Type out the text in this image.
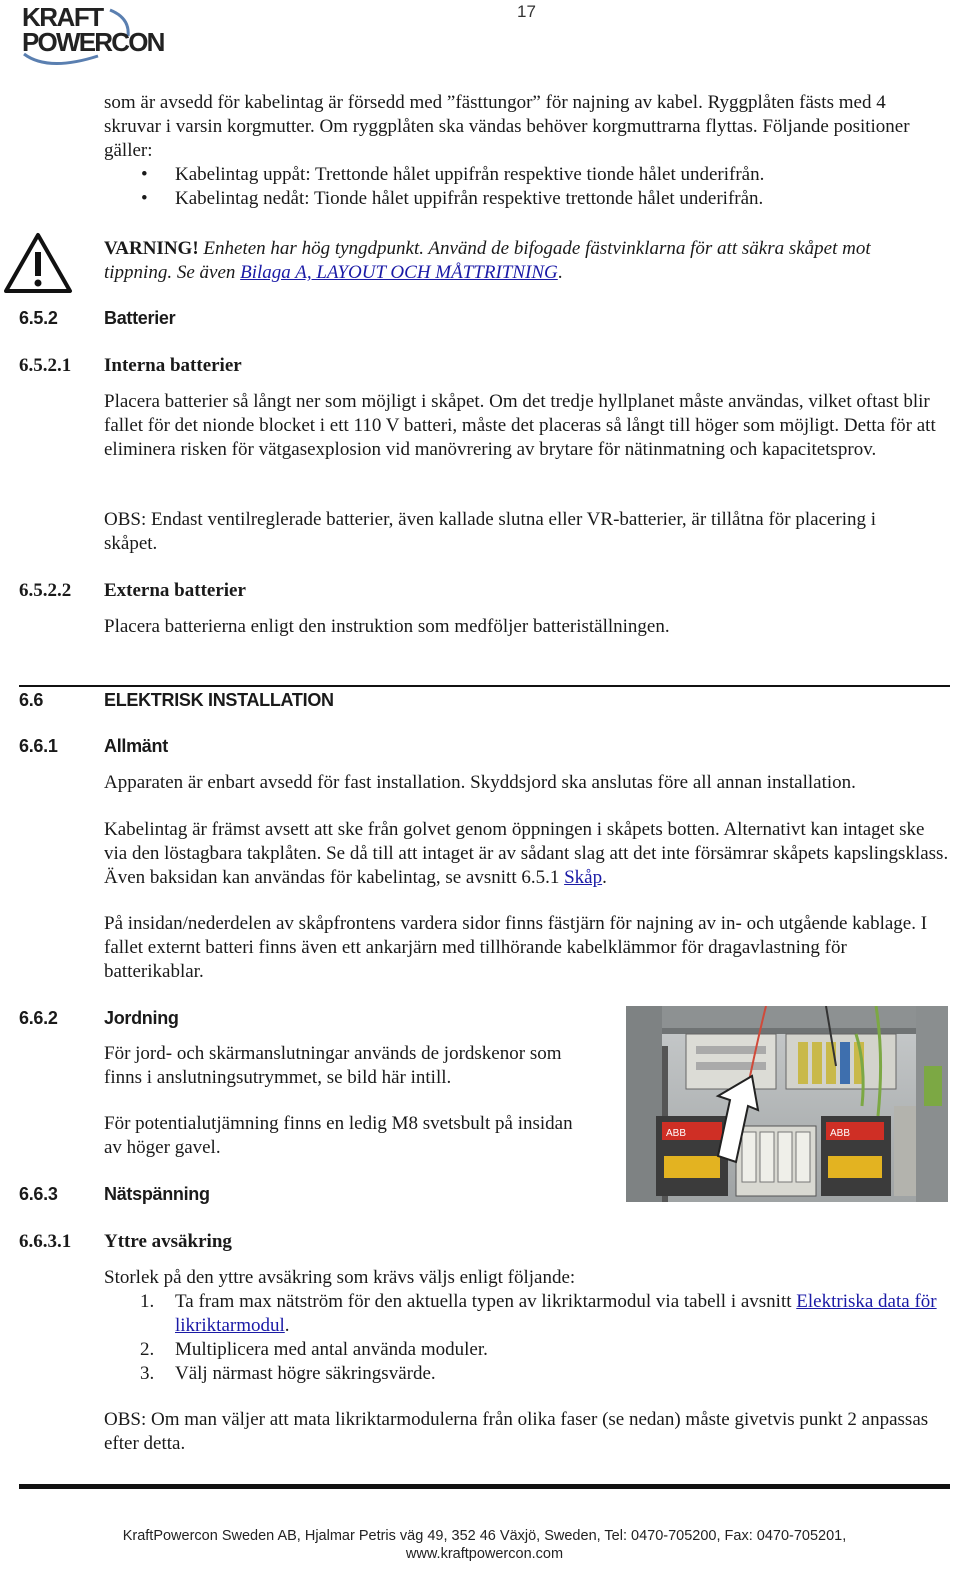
KRAFT
POWERCON
17
som är avsedd för kabelintag är försedd med ”fästtungor” för najning av kabel. Ryggplåten fästs med 4 skruvar i varsin korgmutter. Om ryggplåten ska vändas behöver korgmuttrarna flyttas. Följande positioner gäller:
• Kabelintag uppåt: Trettonde hålet uppifrån respektive tionde hålet underifrån.
• Kabelintag nedåt: Tionde hålet uppifrån respektive trettonde hålet underifrån.
VARNING! Enheten har hög tyngdpunkt. Använd de bifogade fästvinklarna för att säkra skåpet mot tippning. Se även Bilaga A, LAYOUT OCH MÅTTRITNING.
6.5.2	Batterier
6.5.2.1 Interna batterier
Placera batterier så långt ner som möjligt i skåpet. Om det tredje hyllplanet måste användas, vilket oftast blir fallet för det nionde blocket i ett 110 V batteri, måste det placeras så långt till höger som möjligt. Detta för att eliminera risken för vätgasexplosion vid manövrering av brytare för nätinmatning och kapacitetsprov.
OBS: Endast ventilreglerade batterier, även kallade slutna eller VR-batterier, är tillåtna för placering i skåpet.
6.5.2.2 Externa batterier
Placera batterierna enligt den instruktion som medföljer batteriställningen.
6.6	ELEKTRISK INSTALLATION
6.6.1	Allmänt
Apparaten är enbart avsedd för fast installation. Skyddsjord ska anslutas före all annan installation.
Kabelintag är främst avsett att ske från golvet genom öppningen i skåpets botten. Alternativt kan intaget ske via den löstagbara takplåten. Se då till att intaget är av sådant slag att det inte försämrar skåpets kapslingsklass. Även baksidan kan användas för kabelintag, se avsnitt 6.5.1 Skåp.
På insidan/nederdelen av skåpfrontens vardera sidor finns fästjärn för najning av in- och utgående kablage. I fallet externt batteri finns även ett ankarjärn med tillhörande kabelklämmor för dragavlastning för batterikablar.
6.6.2	Jordning
För jord- och skärmanslutningar används de jordskenor som finns i anslutningsutrymmet, se bild här intill.
För potentialutjämning finns en ledig M8 svetsbult på insidan av höger gavel.
ABB	ABB
6.6.3	Nätspänning
6.6.3.1 Yttre avsäkring
Storlek på den yttre avsäkring som krävs väljs enligt följande:
1. Ta fram max nätström för den aktuella typen av likriktarmodul via tabell i avsnitt Elektriska data för likriktarmodul.
2. Multiplicera med antal använda moduler.
3. Välj närmast högre säkringsvärde.
OBS: Om man väljer att mata likriktarmodulerna från olika faser (se nedan) måste givetvis punkt 2 anpassas efter detta.
KraftPowercon Sweden AB, Hjalmar Petris väg 49, 352 46 Växjö, Sweden, Tel: 0470-705200, Fax: 0470-705201,
www.kraftpowercon.com
